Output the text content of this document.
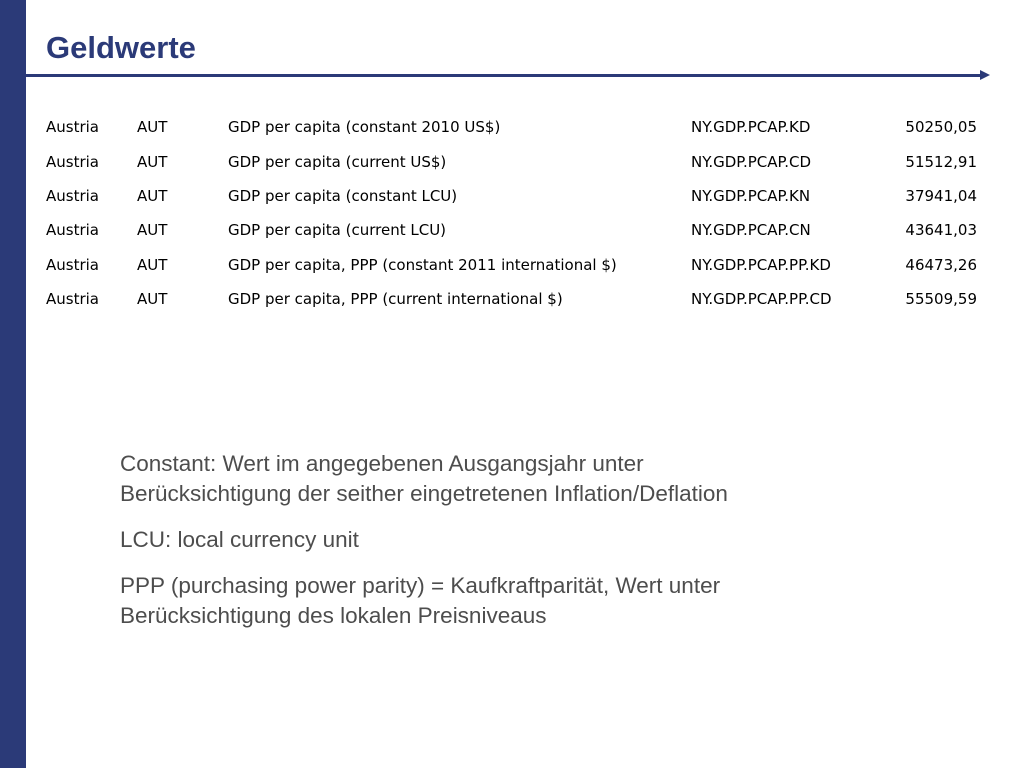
Geldwerte
Austria	AUT	GDP per capita (constant 2010 US$)	NY.GDP.PCAP.KD	50250,05
Austria	AUT	GDP per capita (current US$)	NY.GDP.PCAP.CD	51512,91
Austria	AUT	GDP per capita (constant LCU)	NY.GDP.PCAP.KN	37941,04
Austria	AUT	GDP per capita (current LCU)	NY.GDP.PCAP.CN	43641,03
Austria	AUT	GDP per capita, PPP (constant 2011 international $)	NY.GDP.PCAP.PP.KD	46473,26
Austria	AUT	GDP per capita, PPP (current international $)	NY.GDP.PCAP.PP.CD	55509,59

Constant: Wert im angegebenen Ausgangsjahr unter
Berücksichtigung der seither eingetretenen Inflation/Deflation

LCU: local currency unit

PPP (purchasing power parity) = Kaufkraftparität, Wert unter
Berücksichtigung des lokalen Preisniveaus
